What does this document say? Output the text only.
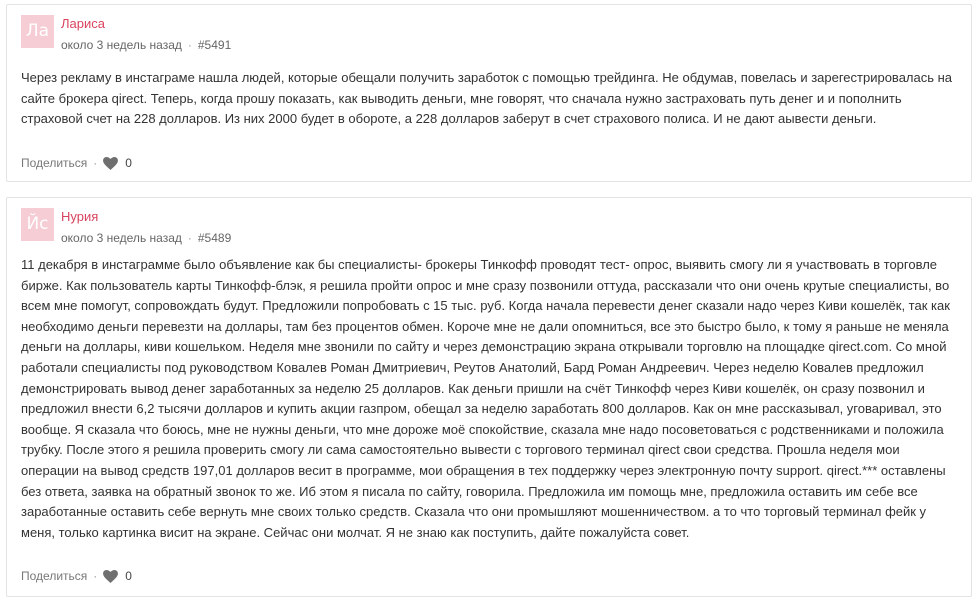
Ла Лариса
около 3 недель назад · #5491
Через рекламу в инстаграме нашла людей, которые обещали получить заработок с помощью трейдинга. Не обдумав, повелась и зарегестрировалась на сайте брокера qirect. Теперь, когда прошу показать, как выводить деньги, мне говорят, что сначала нужно застраховать путь денег и и пополнить страховой счет на 228 долларов. Из них 2000 будет в обороте, а 228 долларов заберут в счет страхового полиса. И не дают аывести деньги.
Поделиться · 0
Йс Нурия
около 3 недель назад · #5489
11 декабря в инстаграмме было объявление как бы специалисты- брокеры Тинкофф проводят тест- опрос, выявить смогу ли я участвовать в торговле бирже. Как пользователь карты Тинкофф-блэк, я решила пройти опрос и мне сразу позвонили оттуда, рассказали что они очень крутые специалисты, во всем мне помогут, сопровождать будут. Предложили попробовать с 15 тыс. руб. Когда начала перевести денег сказали надо через Киви кошелёк, так как необходимо деньги перевезти на доллары, там без процентов обмен. Короче мне не дали опомниться, все это быстро было, к тому я раньше не меняла деньги на доллары, киви кошельком. Неделя мне звонили по сайту и через демонстрацию экрана открывали торговлю на площадке qirect.com. Со мной работали специалисты под руководством Ковалев Роман Дмитриевич, Реутов Анатолий, Бард Роман Андреевич. Через неделю Ковалев предложил демонстрировать вывод денег заработанных за неделю 25 долларов. Как деньги пришли на счёт Тинкофф через Киви кошелёк, он сразу позвонил и предложил внести 6,2 тысячи долларов и купить акции газпром, обещал за неделю заработать 800 долларов. Как он мне рассказывал, уговаривал, это вообще. Я сказала что боюсь, мне не нужны деньги, что мне дороже моё спокойствие, сказала мне надо посоветоваться с родственниками и положила трубку. После этого я решила проверить смогу ли сама самостоятельно вывести с торгового терминал qirect свои средства. Прошла неделя мои операции на вывод средств 197,01 долларов весит в программе, мои обращения в тех поддержку через электронную почту support. qirect.*** оставлены без ответа, заявка на обратный звонок то же. Иб этом я писала по сайту, говорила. Предложила им помощь мне, предложила оставить им себе все заработанные оставить себе вернуть мне своих только средств. Сказала что они промышляют мошенничеством. а то что торговый терминал фейк у меня, только картинка висит на экране. Сейчас они молчат. Я не знаю как поступить, дайте пожалуйста совет.
Поделиться · 0
